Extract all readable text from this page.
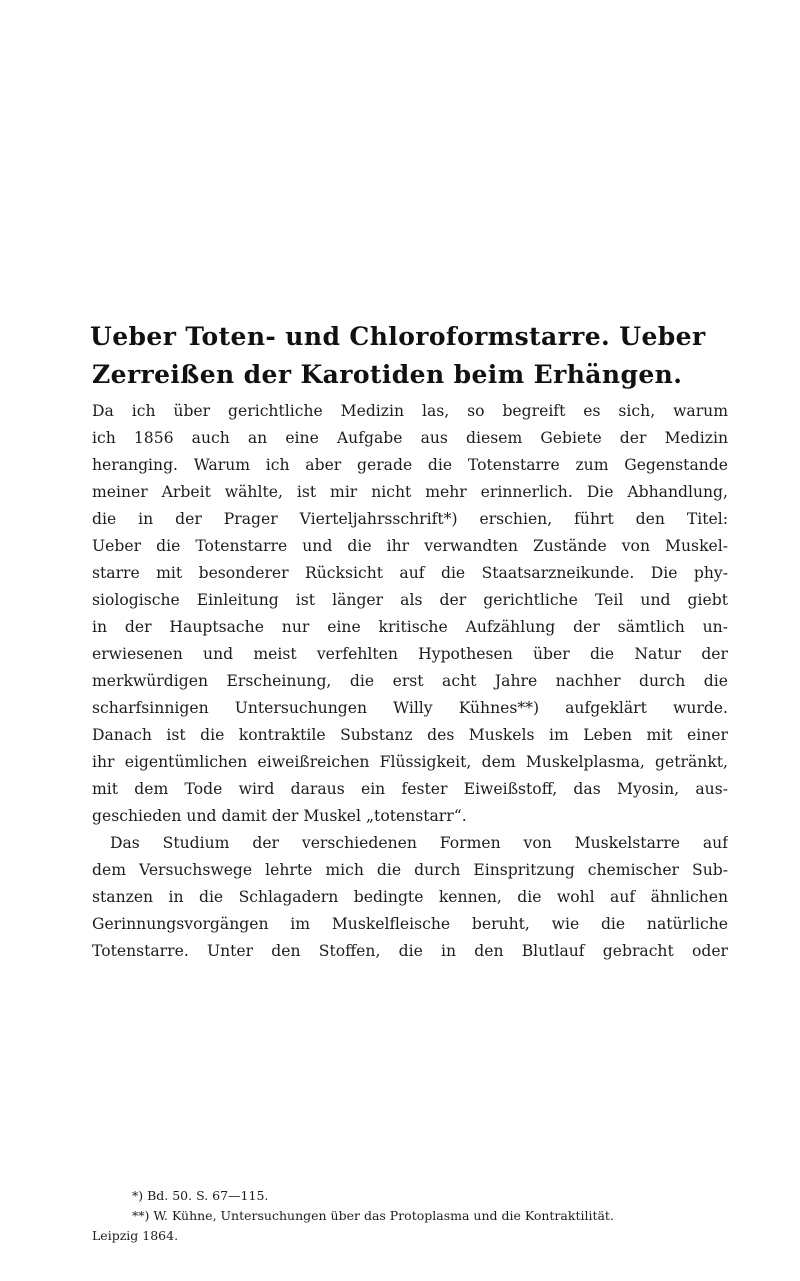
Ueber Toten- und Chloroformstarre. Ueber
Zerreißen der Karotiden beim Erhängen.
Da ich über gerichtliche Medizin las, so begreift es sich, warum
ich 1856 auch an eine Aufgabe aus diesem Gebiete der Medizin
heranging. Warum ich aber gerade die Totenstarre zum Gegenstande
meiner Arbeit wählte, ist mir nicht mehr erinnerlich. Die Abhandlung,
die in der Prager Vierteljahrsschrift*) erschien, führt den Titel:
Ueber die Totenstarre und die ihr verwandten Zustände von Muskel-
starre mit besonderer Rücksicht auf die Staatsarzneikunde. Die phy-
siologische Einleitung ist länger als der gerichtliche Teil und giebt
in der Hauptsache nur eine kritische Aufzählung der sämtlich un-
erwiesenen und meist verfehlten Hypothesen über die Natur der
merkwürdigen Erscheinung, die erst acht Jahre nachher durch die
scharfsinnigen Untersuchungen Willy Kühnes**) aufgeklärt wurde.
Danach ist die kontraktile Substanz des Muskels im Leben mit einer
ihr eigentümlichen eiweißreichen Flüssigkeit, dem Muskelplasma, getränkt,
mit dem Tode wird daraus ein fester Eiweißstoff, das Myosin, aus-
geschieden und damit der Muskel „totenstarr“.
Das Studium der verschiedenen Formen von Muskelstarre auf
dem Versuchswege lehrte mich die durch Einspritzung chemischer Sub-
stanzen in die Schlagadern bedingte kennen, die wohl auf ähnlichen
Gerinnungsvorgängen im Muskelfleische beruht, wie die natürliche
Totenstarre. Unter den Stoffen, die in den Blutlauf gebracht oder
*) Bd. 50. S. 67—115.
**) W. Kühne, Untersuchungen über das Protoplasma und die Kontraktilität.
Leipzig 1864.
